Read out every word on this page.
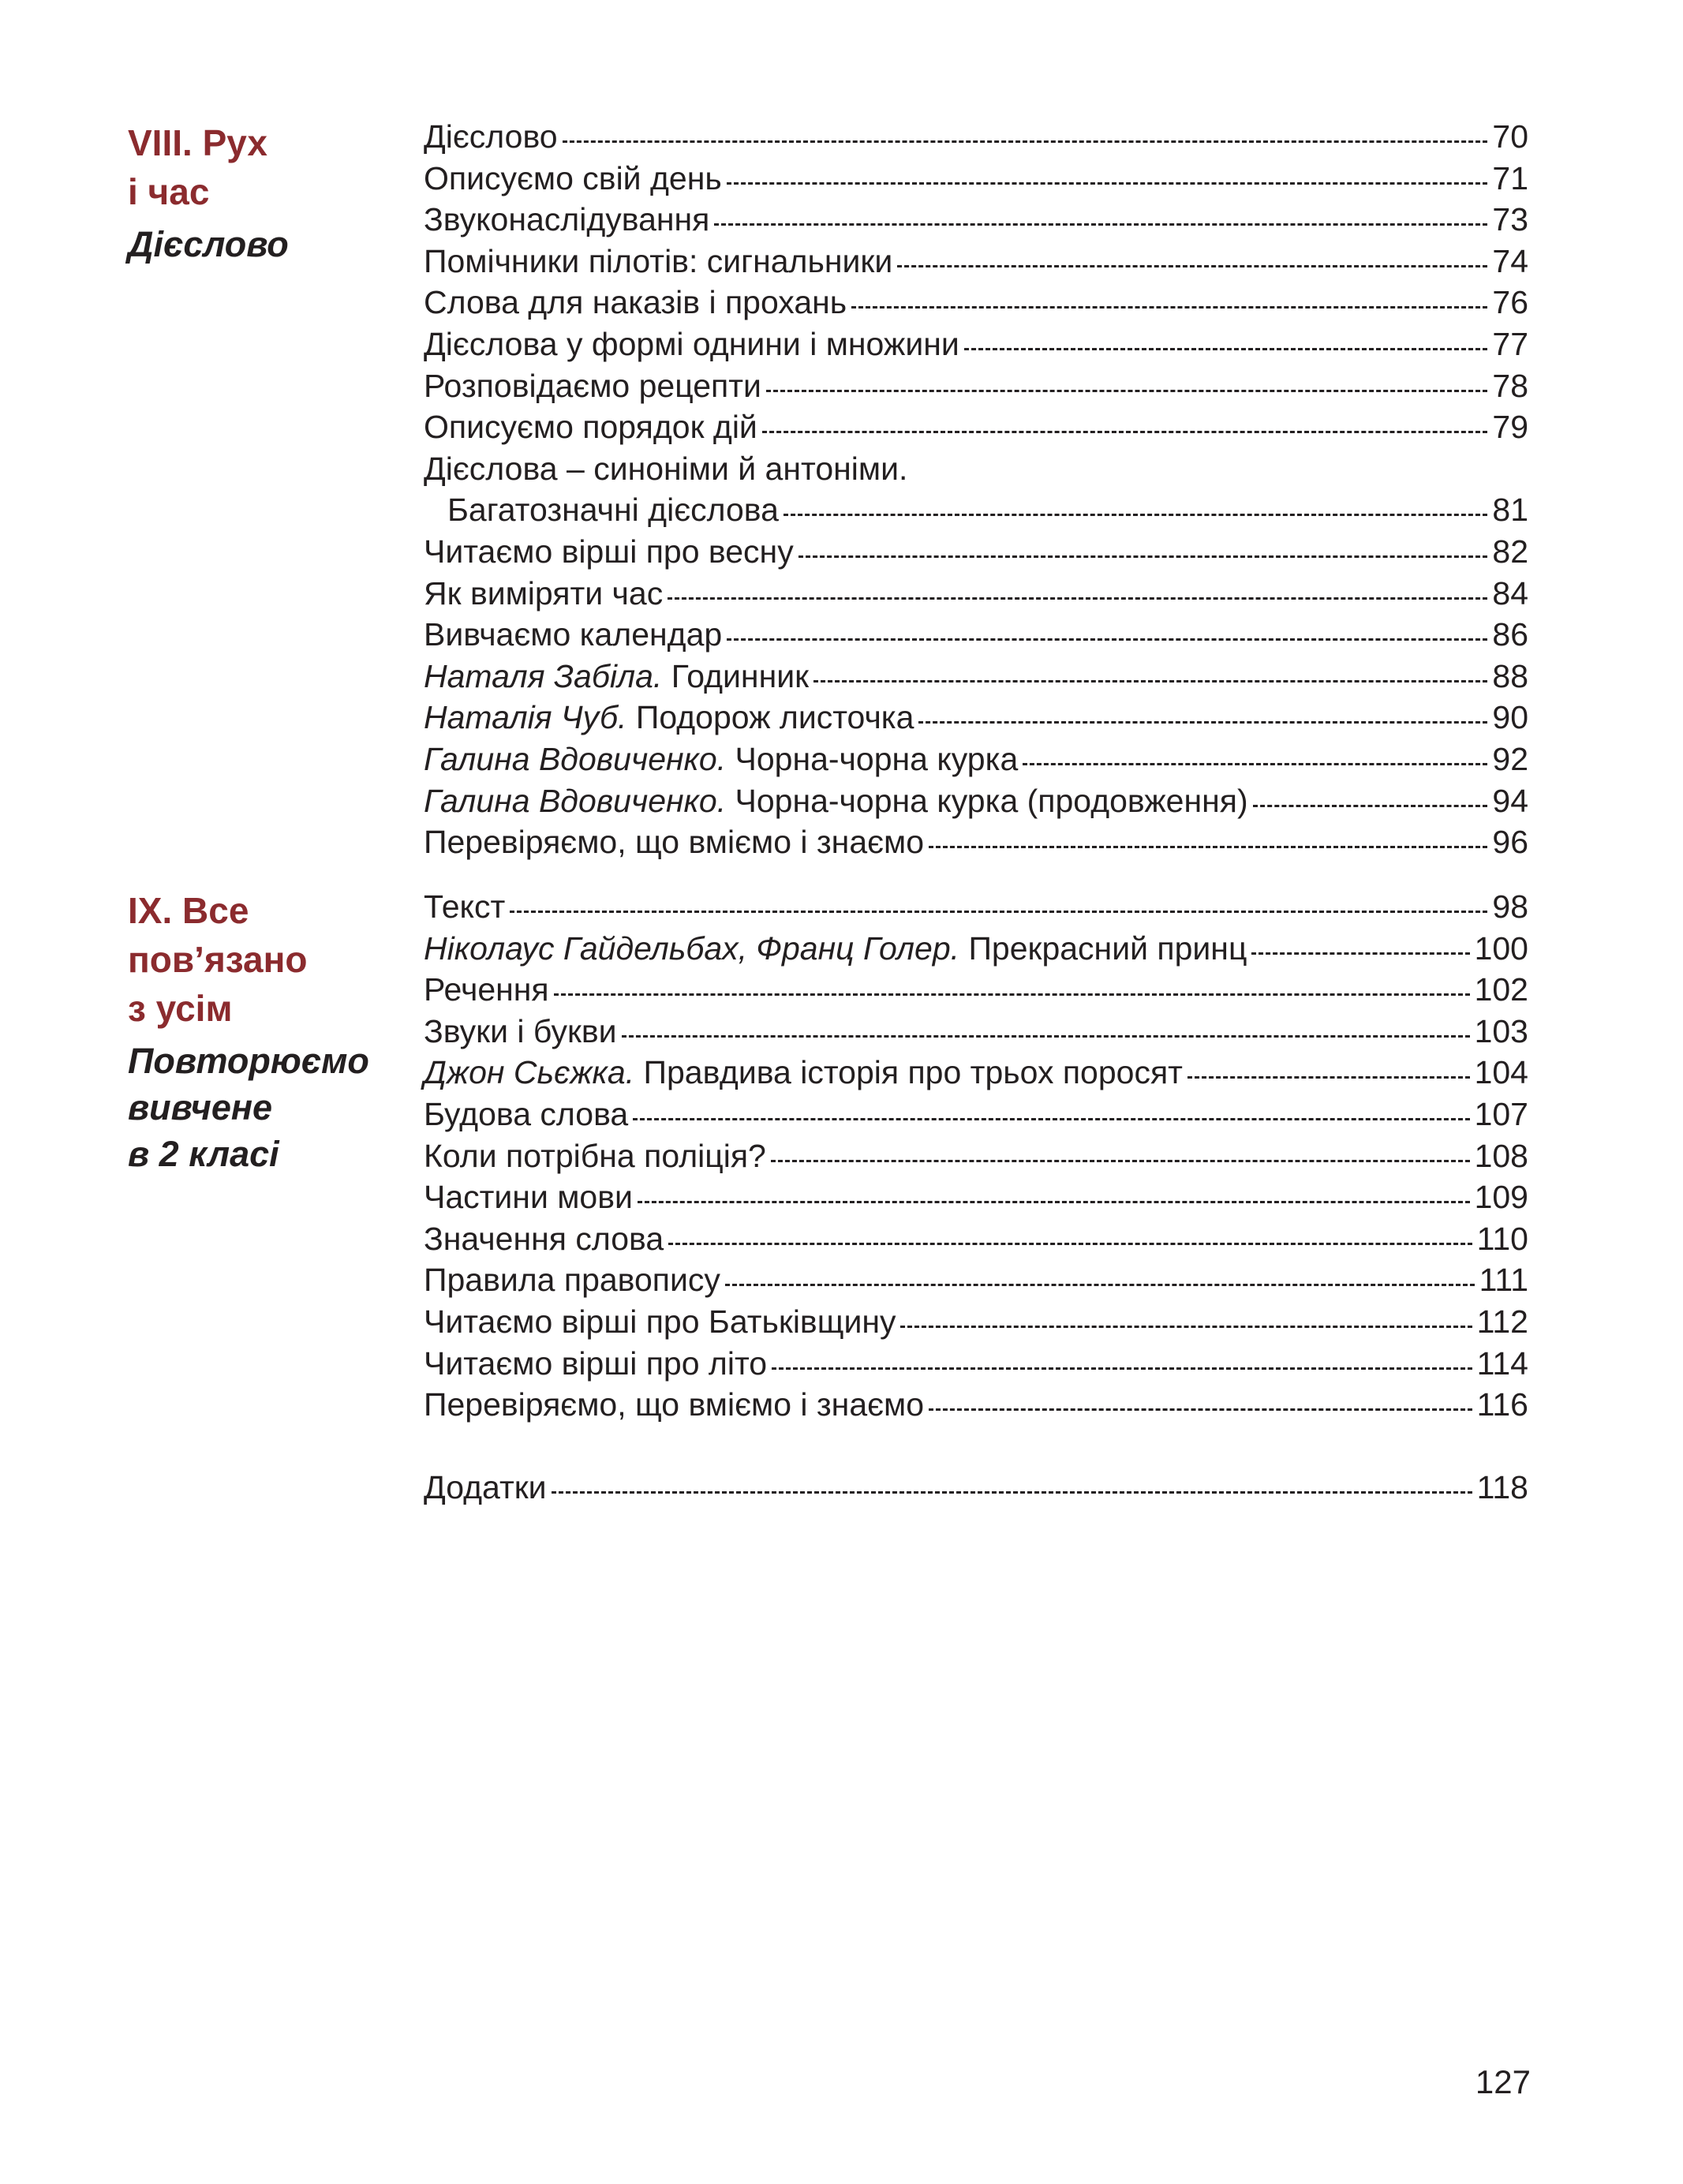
VIII. Рух
і час
Дієслово
Дієслово	70
Описуємо свій день	71
Звуконаслідування	73
Помічники пілотів: сигнальники	74
Слова для наказів і прохань	76
Дієслова у формі однини і множини	77
Розповідаємо рецепти	78
Описуємо порядок дій	79
Дієслова – синоніми й антоніми.
Багатозначні дієслова	81
Читаємо вірші про весну	82
Як виміряти час	84
Вивчаємо календар	86
Наталя Забіла. Годинник	88
Наталія Чуб. Подорож листочка	90
Галина Вдовиченко. Чорна-чорна курка	92
Галина Вдовиченко. Чорна-чорна курка (продовження)	94
Перевіряємо, що вміємо і знаємо	96
IX. Все
пов’язано
з усім
Повторюємо
вивчене
в 2 класі
Текст	98
Ніколаус Гайдельбах, Франц Голер. Прекрасний принц	100
Речення	102
Звуки і букви	103
Джон Сьєжка. Правдива історія про трьох поросят	104
Будова слова	107
Коли потрібна поліція?	108
Частини мови	109
Значення слова	110
Правила правопису	111
Читаємо вірші про Батьківщину	112
Читаємо вірші про літо	114
Перевіряємо, що вміємо і знаємо	116
Додатки	118
127
